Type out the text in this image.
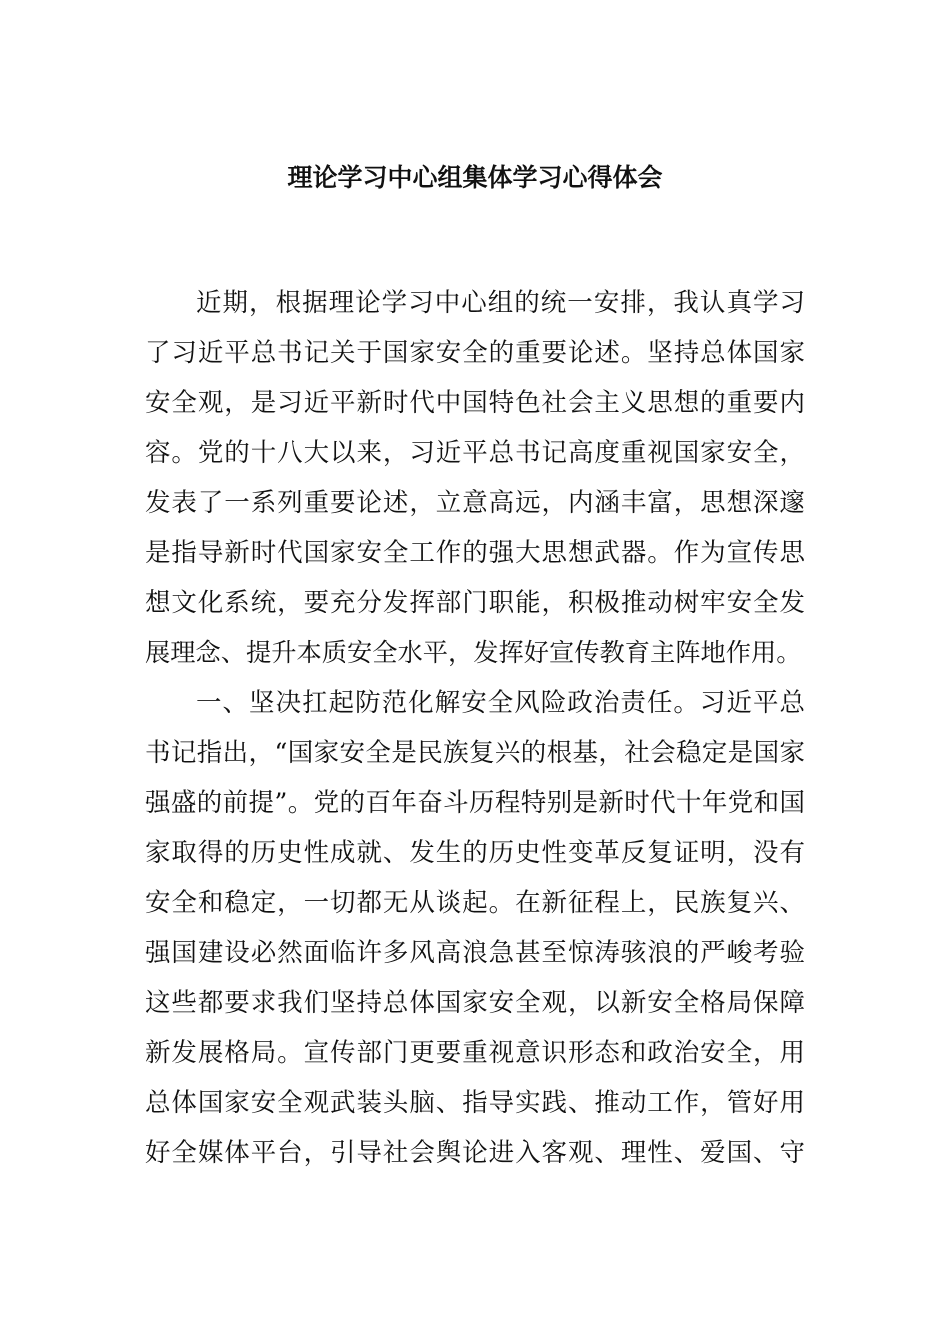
理论学习中心组集体学习心得体会
近期，根据理论学习中心组的统一安排，我认真学习
了习近平总书记关于国家安全的重要论述。坚持总体国家
安全观，是习近平新时代中国特色社会主义思想的重要内
容。党的十八大以来，习近平总书记高度重视国家安全，
发表了一系列重要论述，立意高远，内涵丰富，思想深邃
是指导新时代国家安全工作的强大思想武器。作为宣传思
想文化系统，要充分发挥部门职能，积极推动树牢安全发
展理念、提升本质安全水平，发挥好宣传教育主阵地作用。
一、坚决扛起防范化解安全风险政治责任。习近平总
书记指出，“国家安全是民族复兴的根基，社会稳定是国家
强盛的前提”。党的百年奋斗历程特别是新时代十年党和国
家取得的历史性成就、发生的历史性变革反复证明，没有
安全和稳定，一切都无从谈起。在新征程上，民族复兴、
强国建设必然面临许多风高浪急甚至惊涛骇浪的严峻考验
这些都要求我们坚持总体国家安全观，以新安全格局保障
新发展格局。宣传部门更要重视意识形态和政治安全，用
总体国家安全观武装头脑、指导实践、推动工作，管好用
好全媒体平台，引导社会舆论进入客观、理性、爱国、守
